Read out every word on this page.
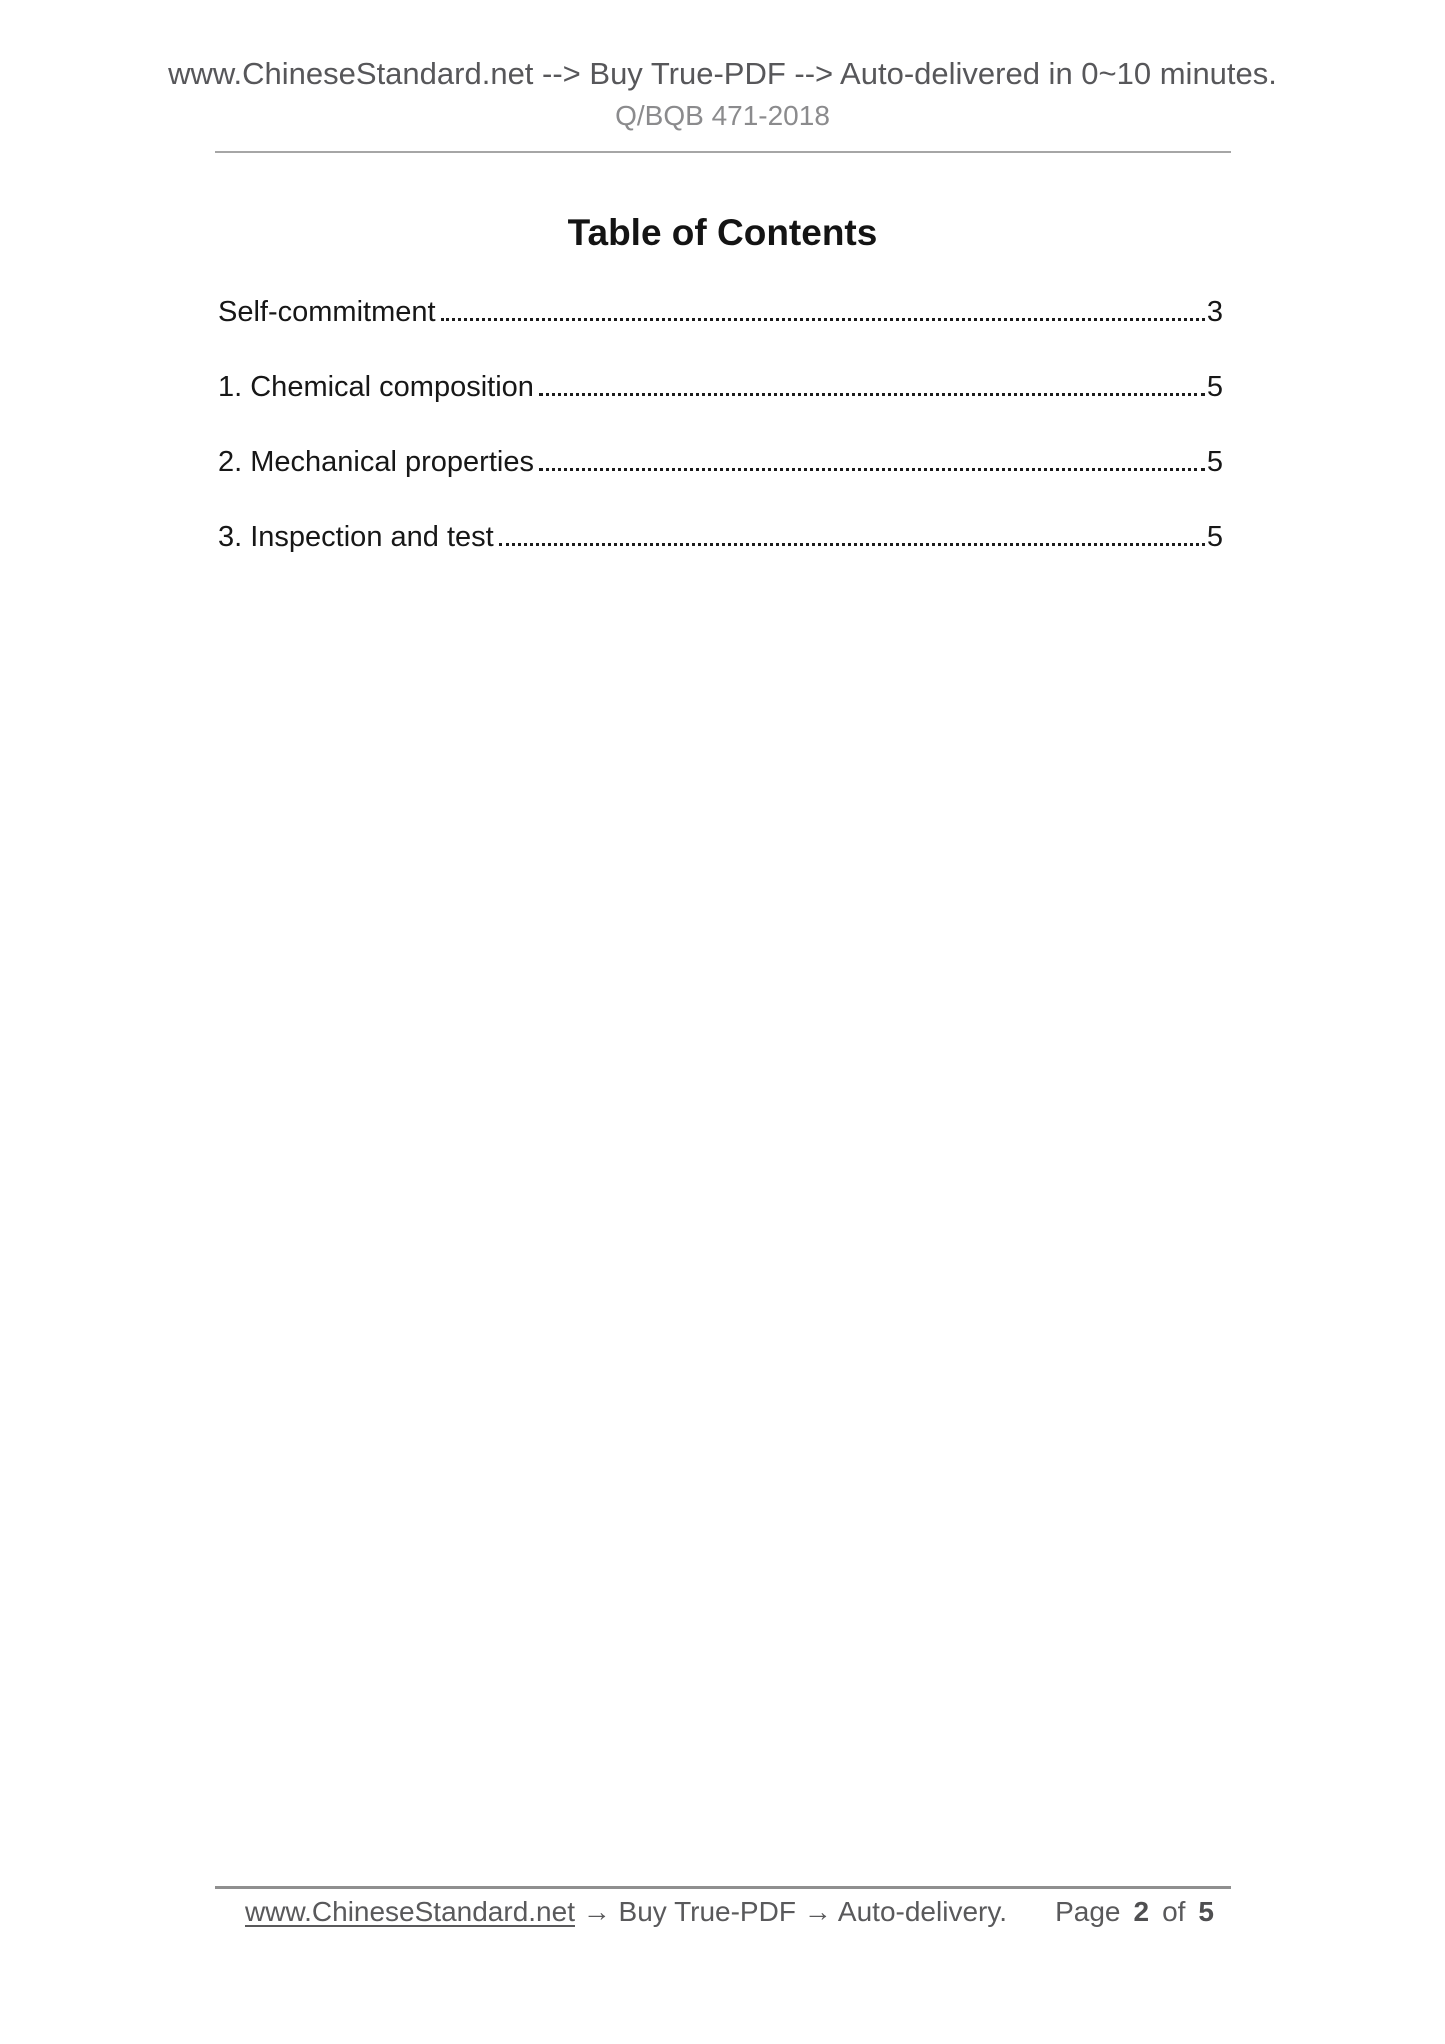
www.ChineseStandard.net --> Buy True-PDF --> Auto-delivered in 0~10 minutes.
Q/BQB 471-2018
Table of Contents
Self-commitment	3
1. Chemical composition	5
2. Mechanical properties	5
3. Inspection and test	5
www.ChineseStandard.net → Buy True-PDF → Auto-delivery. Page 2 of 5
